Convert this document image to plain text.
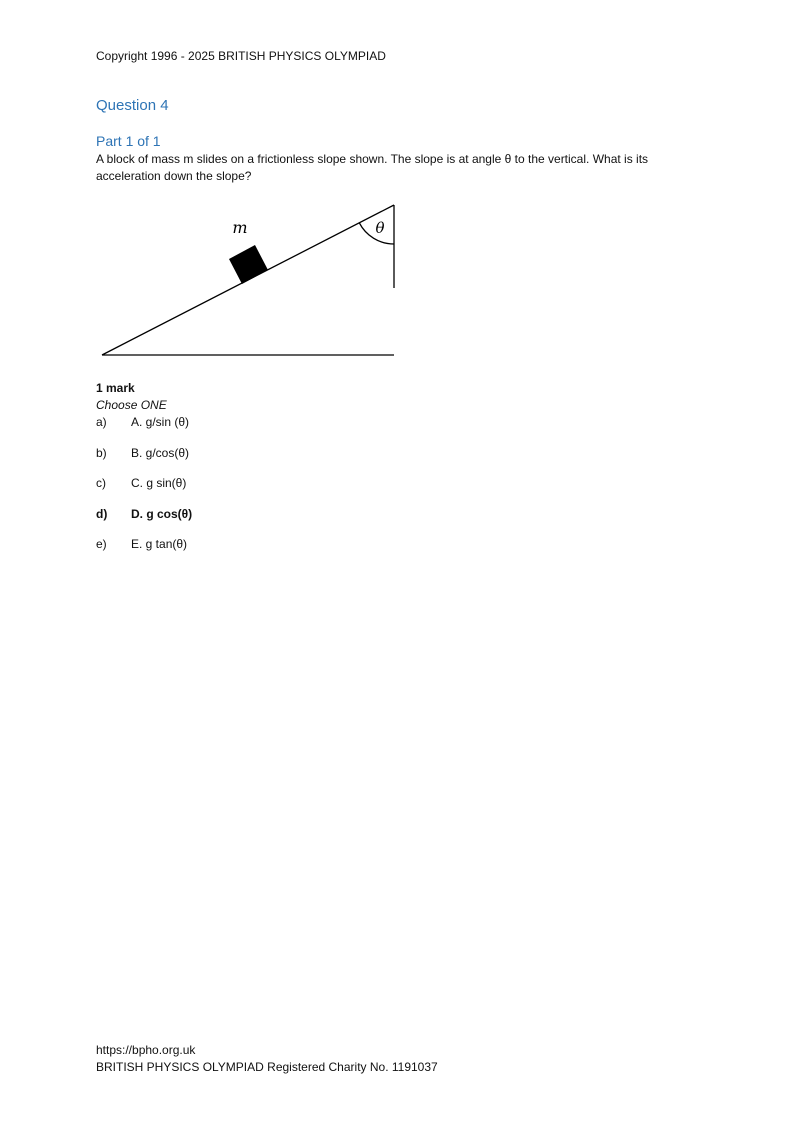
Copyright 1996 - 2025 BRITISH PHYSICS OLYMPIAD
Question 4
Part 1 of 1
A block of mass m slides on a frictionless slope shown. The slope is at angle θ to the vertical. What is its acceleration down the slope?
m	θ
1 mark
Choose ONE
a)	A. g/sin (θ)
b)	B. g/cos(θ)
c)	C. g sin(θ)
d)	D. g cos(θ)
e)	E. g tan(θ)
https://bpho.org.uk
BRITISH PHYSICS OLYMPIAD Registered Charity No. 1191037
